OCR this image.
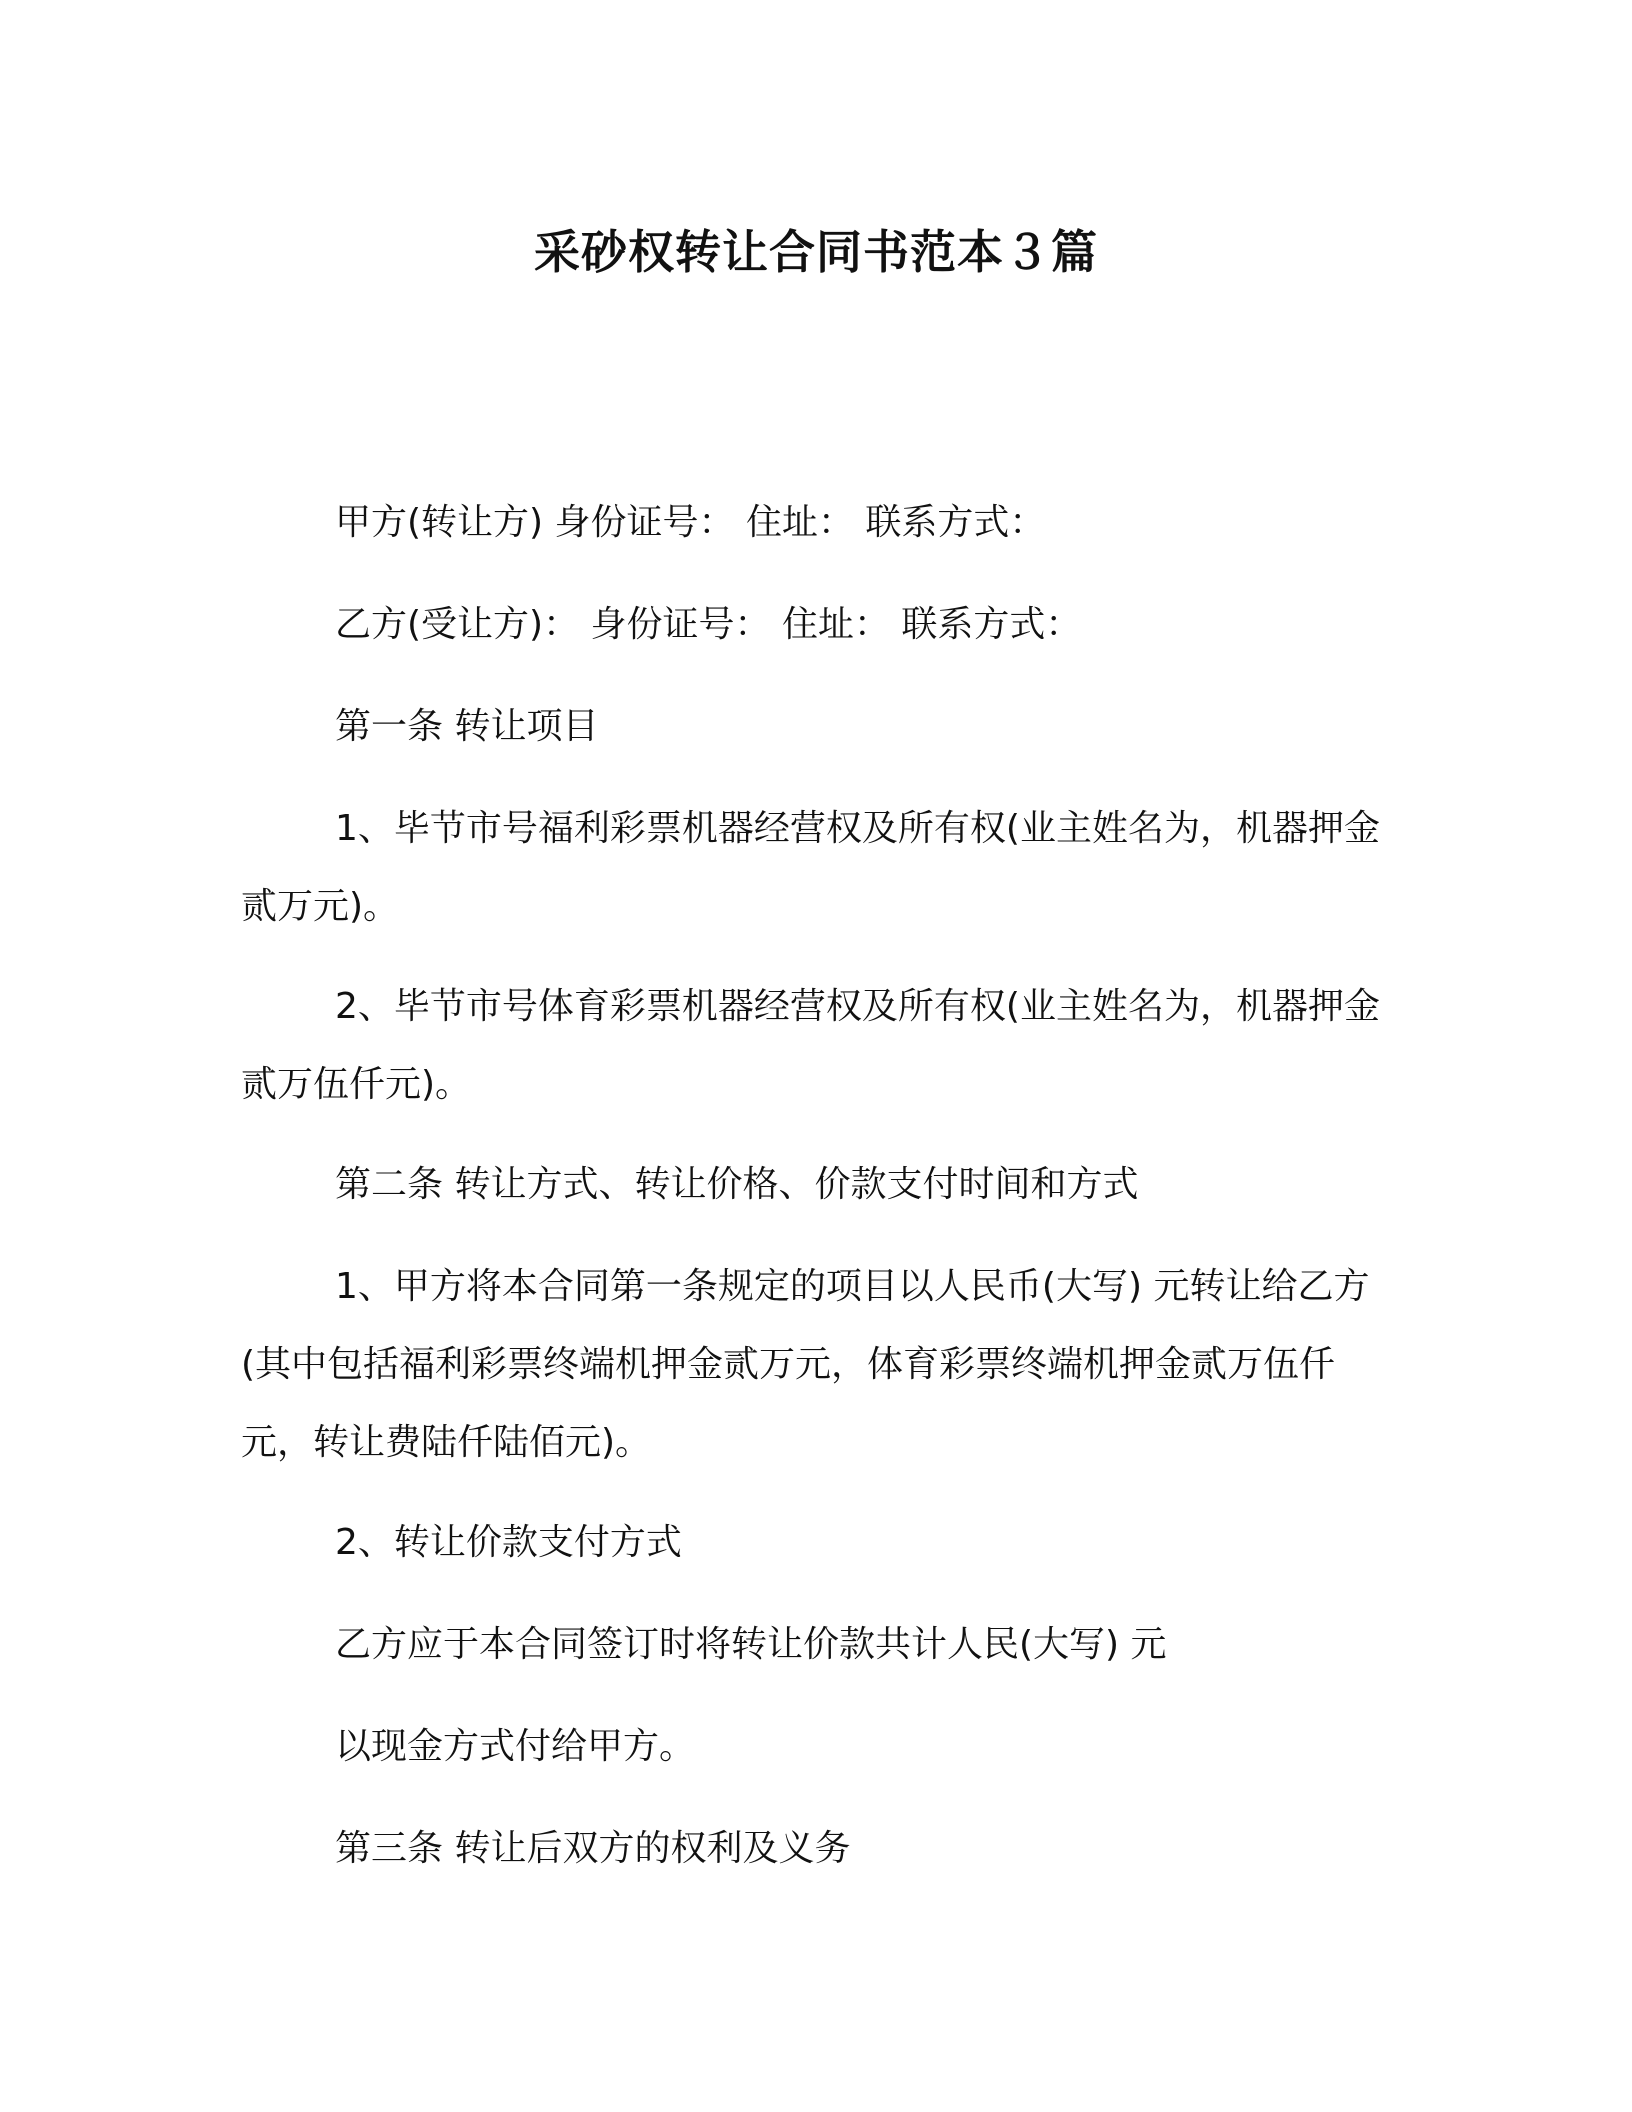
采砂权转让合同书范本３篇

甲方(转让方) 身份证号： 住址： 联系方式：

乙方(受让方)： 身份证号： 住址： 联系方式：

第一条 转让项目

1、毕节市号福利彩票机器经营权及所有权(业主姓名为，机器押金贰万元)。

2、毕节市号体育彩票机器经营权及所有权(业主姓名为，机器押金贰万伍仟元)。

第二条 转让方式、转让价格、价款支付时间和方式

1、甲方将本合同第一条规定的项目以人民币(大写) 元转让给乙方(其中包括福利彩票终端机押金贰万元，体育彩票终端机押金贰万伍仟元，转让费陆仟陆佰元)。

2、转让价款支付方式

乙方应于本合同签订时将转让价款共计人民(大写) 元

以现金方式付给甲方。

第三条 转让后双方的权利及义务
